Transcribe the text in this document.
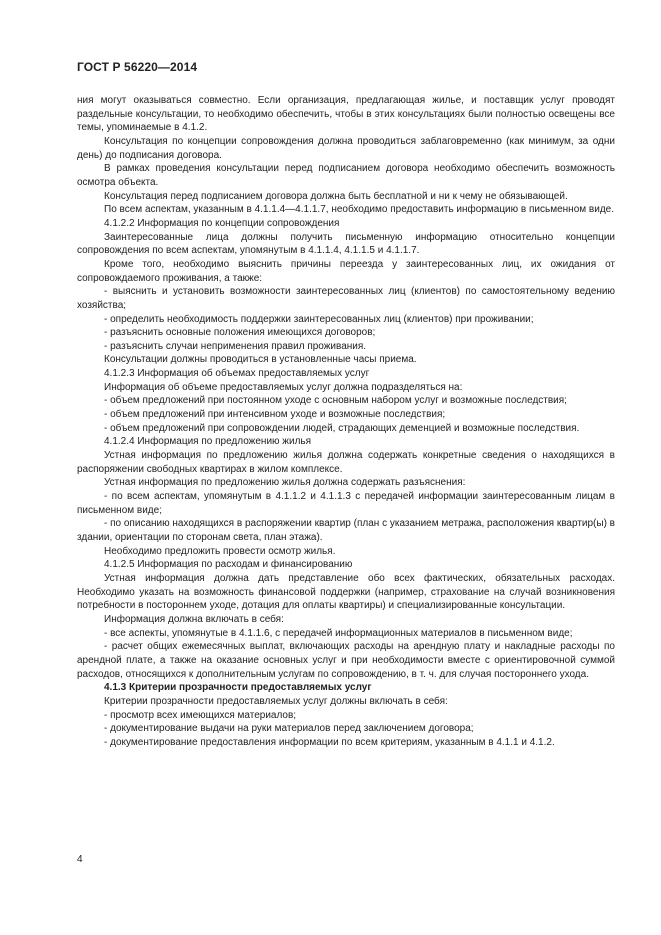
ГОСТ Р 56220—2014

ния могут оказываться совместно. Если организация, предлагающая жилье, и поставщик услуг проводят раздельные консультации, то необходимо обеспечить, чтобы в этих консультациях были полностью освещены все темы, упоминаемые в 4.1.2.

Консультация по концепции сопровождения должна проводиться заблаговременно (как минимум, за одни день) до подписания договора.

В рамках проведения консультации перед подписанием договора необходимо обеспечить возможность осмотра объекта.

Консультация перед подписанием договора должна быть бесплатной и ни к чему не обязывающей.

По всем аспектам, указанным в 4.1.1.4—4.1.1.7, необходимо предоставить информацию в письменном виде.

4.1.2.2 Информация по концепции сопровождения

Заинтересованные лица должны получить письменную информацию относительно концепции сопровождения по всем аспектам, упомянутым в 4.1.1.4, 4.1.1.5 и 4.1.1.7.

Кроме того, необходимо выяснить причины переезда у заинтересованных лиц, их ожидания от сопровождаемого проживания, а также:

- выяснить и установить возможности заинтересованных лиц (клиентов) по самостоятельному ведению хозяйства;

- определить необходимость поддержки заинтересованных лиц (клиентов) при проживании;

- разъяснить основные положения имеющихся договоров;

- разъяснить случаи неприменения правил проживания.

Консультации должны проводиться в установленные часы приема.

4.1.2.3 Информация об объемах предоставляемых услуг

Информация об объеме предоставляемых услуг должна подразделяться на:

- объем предложений при постоянном уходе с основным набором услуг и возможные последствия;

- объем предложений при интенсивном уходе и возможные последствия;

- объем предложений при сопровождении людей, страдающих деменцией и возможные последствия.

4.1.2.4 Информация по предложению жилья

Устная информация по предложению жилья должна содержать конкретные сведения о находящихся в распоряжении свободных квартирах в жилом комплексе.

Устная информация по предложению жилья должна содержать разъяснения:

- по всем аспектам, упомянутым в 4.1.1.2 и 4.1.1.3 с передачей информации заинтересованным лицам в письменном виде;

- по описанию находящихся в распоряжении квартир (план с указанием метража, расположения квартир(ы) в здании, ориентации по сторонам света, план этажа).

Необходимо предложить провести осмотр жилья.

4.1.2.5 Информация по расходам и финансированию

Устная информация должна дать представление обо всех фактических, обязательных расходах. Необходимо указать на возможность финансовой поддержки (например, страхование на случай возникновения потребности в постороннем уходе, дотация для оплаты квартиры) и специализированные консультации.

Информация должна включать в себя:

- все аспекты, упомянутые в 4.1.1.6, с передачей информационных материалов в письменном виде;

- расчет общих ежемесячных выплат, включающих расходы на арендную плату и накладные расходы по арендной плате, а также на оказание основных услуг и при необходимости вместе с ориентировочной суммой расходов, относящихся к дополнительным услугам по сопровождению, в т. ч. для случая постороннего ухода.

4.1.3 Критерии прозрачности предоставляемых услуг

Критерии прозрачности предоставляемых услуг должны включать в себя:

- просмотр всех имеющихся материалов;

- документирование выдачи на руки материалов перед заключением договора;

- документирование предоставления информации по всем критериям, указанным в 4.1.1 и 4.1.2.

4
